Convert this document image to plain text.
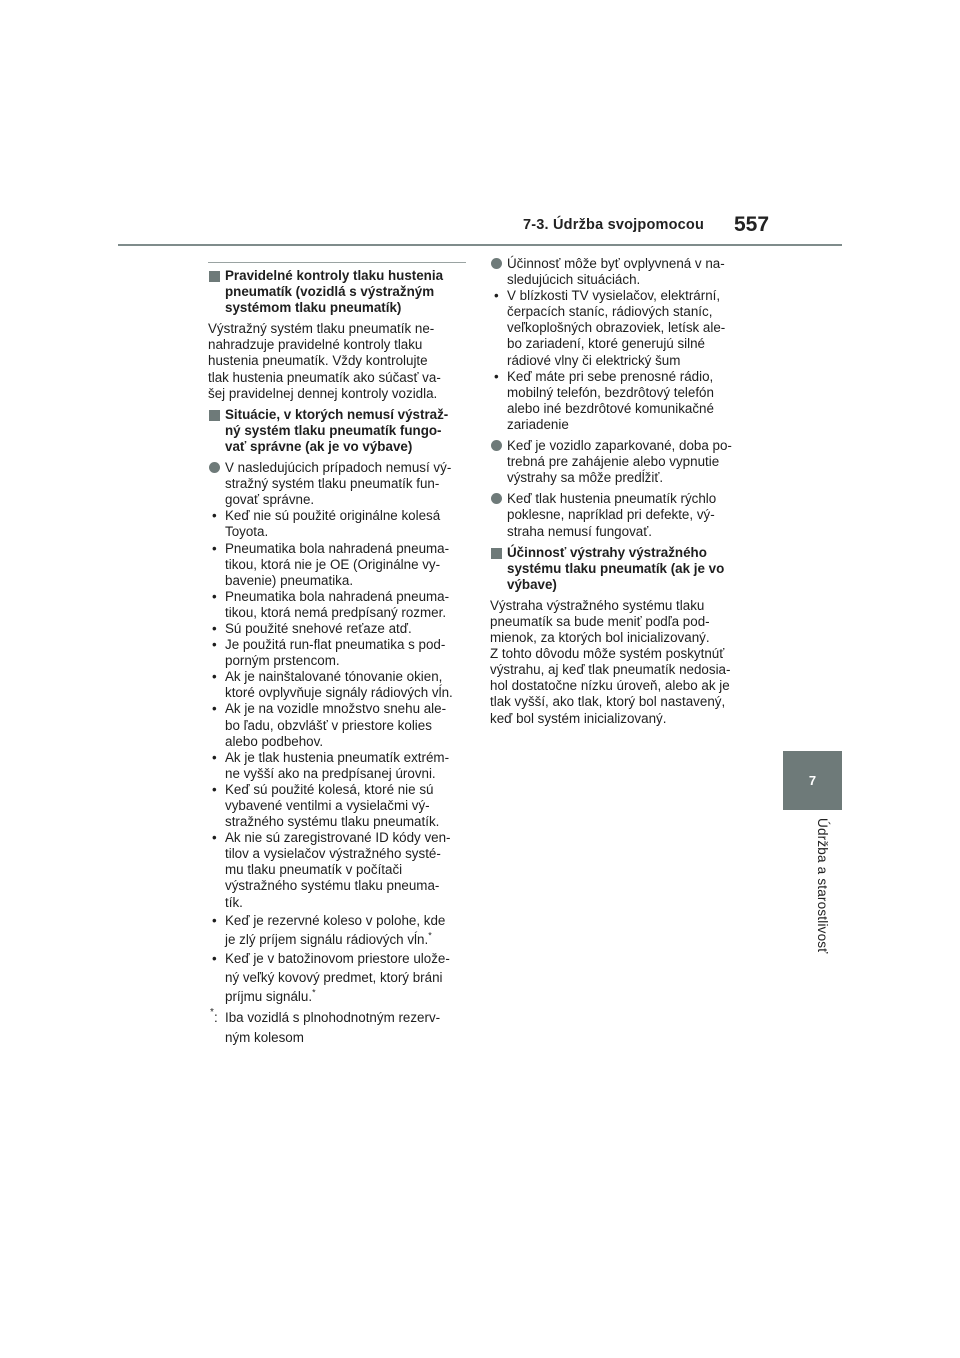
7-3. Údržba svojpomocou 557
7
Údržba a starostlivosť
Pravidelné kontroly tlaku hustenia
pneumatík (vozidlá s výstražným
systémom tlaku pneumatík)
Výstražný systém tlaku pneumatík ne-
nahradzuje pravidelné kontroly tlaku
hustenia pneumatík. Vždy kontrolujte
tlak hustenia pneumatík ako súčasť va-
šej pravidelnej dennej kontroly vozidla.
Situácie, v ktorých nemusí výstraž-
ný systém tlaku pneumatík fungo-
vať správne (ak je vo výbave)
V nasledujúcich prípadoch nemusí vý-
stražný systém tlaku pneumatík fun-
govať správne.
• Keď nie sú použité originálne kolesá
Toyota.
• Pneumatika bola nahradená pneuma-
tikou, ktorá nie je OE (Originálne vy-
bavenie) pneumatika.
• Pneumatika bola nahradená pneuma-
tikou, ktorá nemá predpísaný rozmer.
• Sú použité snehové reťaze atď.
• Je použitá run-flat pneumatika s pod-
porným prstencom.
• Ak je nainštalované tónovanie okien,
ktoré ovplyvňuje signály rádiových vĺn.
• Ak je na vozidle množstvo snehu ale-
bo ľadu, obzvlášť v priestore kolies
alebo podbehov.
• Ak je tlak hustenia pneumatík extrém-
ne vyšší ako na predpísanej úrovni.
• Keď sú použité kolesá, ktoré nie sú
vybavené ventilmi a vysielačmi vý-
stražného systému tlaku pneumatík.
• Ak nie sú zaregistrované ID kódy ven-
tilov a vysielačov výstražného systé-
mu tlaku pneumatík v počítači
výstražného systému tlaku pneuma-
tík.
• Keď je rezervné koleso v polohe, kde
je zlý príjem signálu rádiových vĺn.*
• Keď je v batožinovom priestore ulože-
ný veľký kovový predmet, ktorý bráni
príjmu signálu.*
* : Iba vozidlá s plnohodnotným rezerv-
ným kolesom
Účinnosť môže byť ovplyvnená v na-
sledujúcich situáciách.
• V blízkosti TV vysielačov, elektrární,
čerpacích staníc, rádiových staníc,
veľkoplošných obrazoviek, letísk ale-
bo zariadení, ktoré generujú silné
rádiové vlny či elektrický šum
• Keď máte pri sebe prenosné rádio,
mobilný telefón, bezdrôtový telefón
alebo iné bezdrôtové komunikačné
zariadenie
Keď je vozidlo zaparkované, doba po-
trebná pre zahájenie alebo vypnutie
výstrahy sa môže predĺžiť.
Keď tlak hustenia pneumatík rýchlo
poklesne, napríklad pri defekte, vý-
straha nemusí fungovať.
Účinnosť výstrahy výstražného
systému tlaku pneumatík (ak je vo
výbave)
Výstraha výstražného systému tlaku
pneumatík sa bude meniť podľa pod-
mienok, za ktorých bol inicializovaný.
Z tohto dôvodu môže systém poskytnúť
výstrahu, aj keď tlak pneumatík nedosia-
hol dostatočne nízku úroveň, alebo ak je
tlak vyšší, ako tlak, ktorý bol nastavený,
keď bol systém inicializovaný.
